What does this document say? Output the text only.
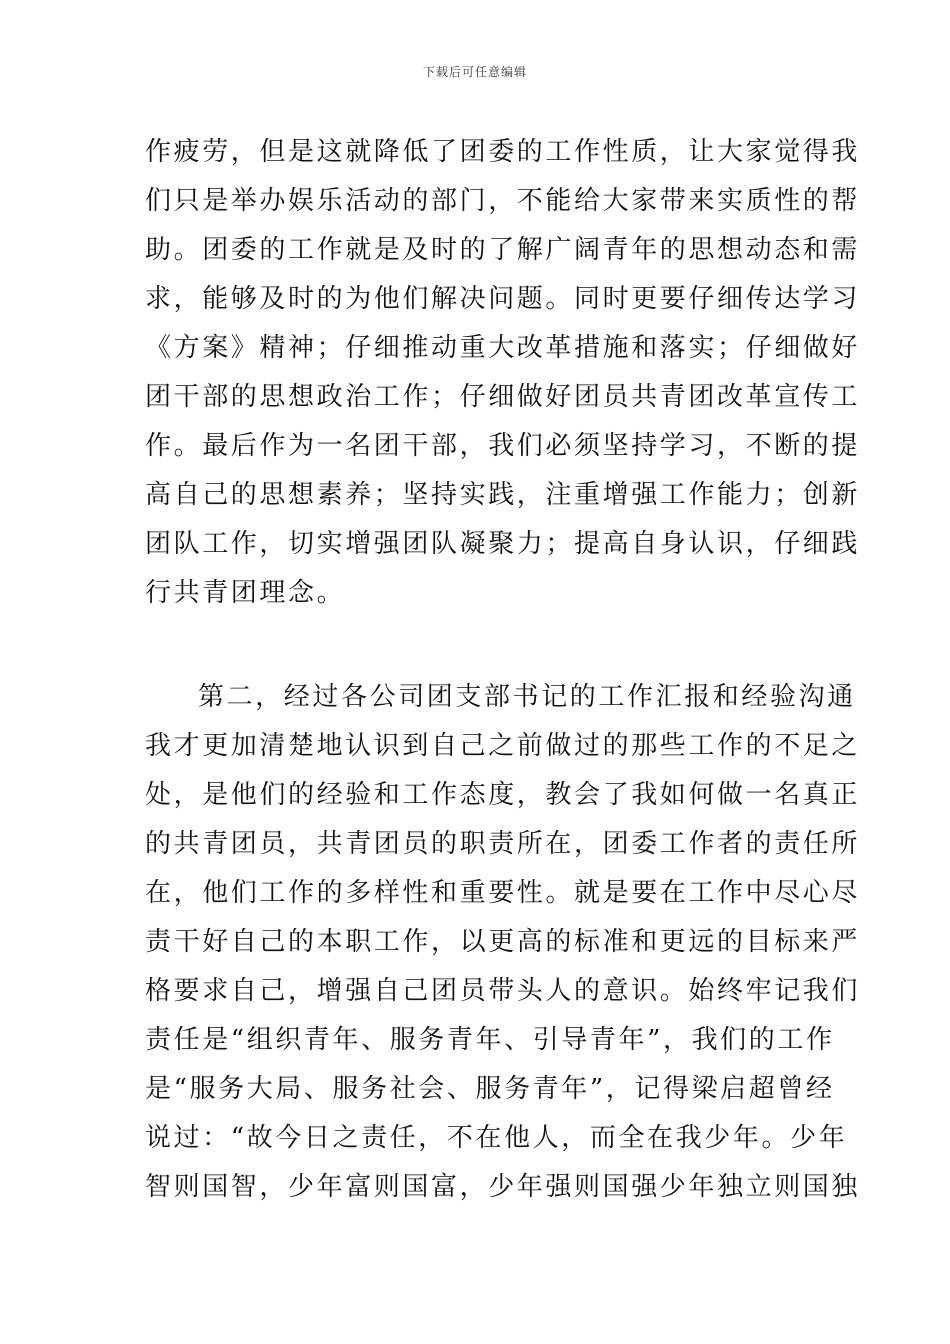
下载后可任意编辑
作疲劳，但是这就降低了团委的工作性质，让大家觉得我
们只是举办娱乐活动的部门，不能给大家带来实质性的帮
助。团委的工作就是及时的了解广阔青年的思想动态和需
求，能够及时的为他们解决问题。同时更要仔细传达学习
《方案》精神；仔细推动重大改革措施和落实；仔细做好
团干部的思想政治工作；仔细做好团员共青团改革宣传工
作。最后作为一名团干部，我们必须坚持学习，不断的提
高自己的思想素养；坚持实践，注重增强工作能力；创新
团队工作，切实增强团队凝聚力；提高自身认识，仔细践
行共青团理念。
第二，经过各公司团支部书记的工作汇报和经验沟通
我才更加清楚地认识到自己之前做过的那些工作的不足之
处，是他们的经验和工作态度，教会了我如何做一名真正
的共青团员，共青团员的职责所在，团委工作者的责任所
在，他们工作的多样性和重要性。就是要在工作中尽心尽
责干好自己的本职工作，以更高的标准和更远的目标来严
格要求自己，增强自己团员带头人的意识。始终牢记我们
责任是“组织青年、服务青年、引导青年”，我们的工作
是“服务大局、服务社会、服务青年”，记得梁启超曾经
说过：“故今日之责任，不在他人，而全在我少年。少年
智则国智，少年富则国富，少年强则国强少年独立则国独
